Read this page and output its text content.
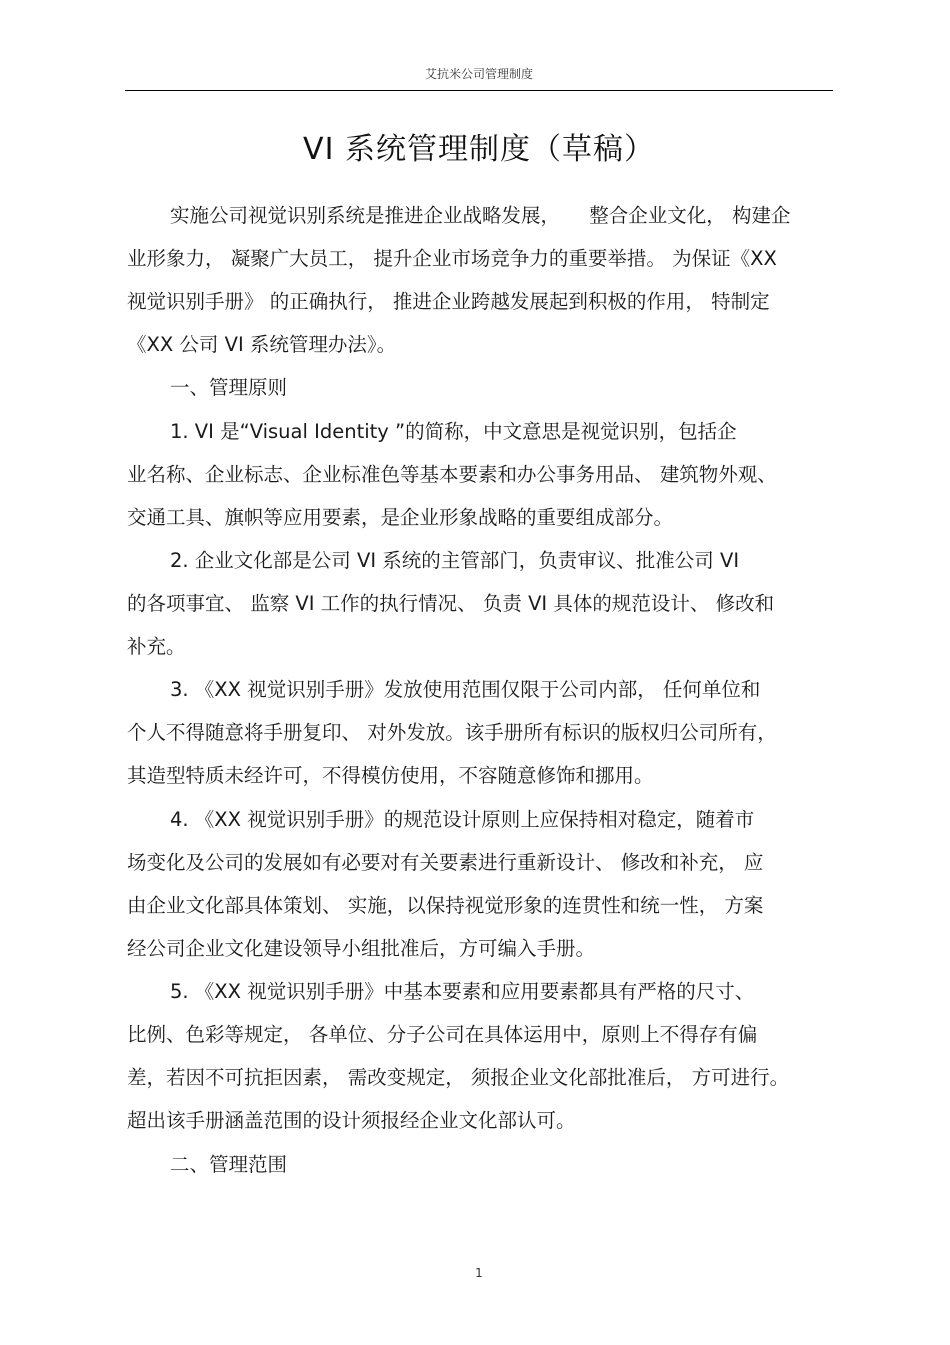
艾抗米公司管理制度
VI 系统管理制度（草稿）
实施公司视觉识别系统是推进企业战略发展，　　整合企业文化， 构建企
业形象力， 凝聚广大员工， 提升企业市场竞争力的重要举措。 为保证《XX
视觉识别手册》 的正确执行， 推进企业跨越发展起到积极的作用， 特制定
《XX 公司 VI 系统管理办法》。
一、管理原则
1. VI 是“Visual Identity ”的简称，中文意思是视觉识别，包括企
业名称、企业标志、企业标准色等基本要素和办公事务用品、 建筑物外观、
交通工具、旗帜等应用要素，是企业形象战略的重要组成部分。
2. 企业文化部是公司 VI 系统的主管部门，负责审议、批准公司 VI
的各项事宜、 监察 VI 工作的执行情况、 负责 VI 具体的规范设计、 修改和
补充。
3. 《XX 视觉识别手册》发放使用范围仅限于公司内部， 任何单位和
个人不得随意将手册复印、 对外发放。该手册所有标识的版权归公司所有，
其造型特质未经许可，不得模仿使用，不容随意修饰和挪用。
4. 《XX 视觉识别手册》的规范设计原则上应保持相对稳定，随着市
场变化及公司的发展如有必要对有关要素进行重新设计、 修改和补充， 应
由企业文化部具体策划、 实施，以保持视觉形象的连贯性和统一性， 方案
经公司企业文化建设领导小组批准后，方可编入手册。
5. 《XX 视觉识别手册》中基本要素和应用要素都具有严格的尺寸、
比例、色彩等规定， 各单位、分子公司在具体运用中，原则上不得存有偏
差，若因不可抗拒因素， 需改变规定， 须报企业文化部批准后， 方可进行。
超出该手册涵盖范围的设计须报经企业文化部认可。
二、管理范围
1
